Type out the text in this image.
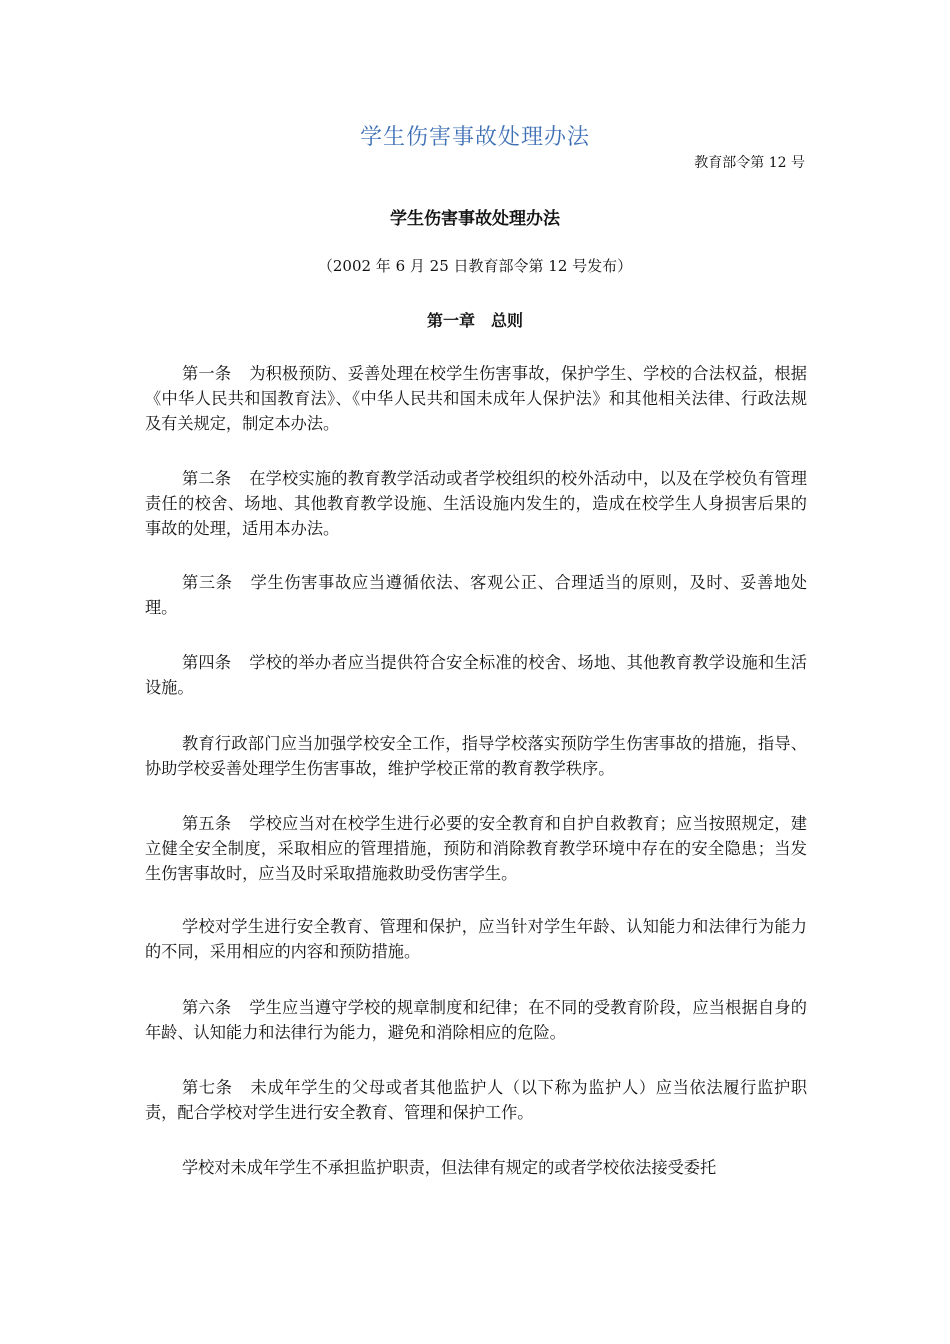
学生伤害事故处理办法
教育部令第 12 号
学生伤害事故处理办法
（2002 年 6 月 25 日教育部令第 12 号发布）
第一章 总则

第一条 为积极预防、妥善处理在校学生伤害事故，保护学生、学校的合法权益，根据《中华人民共和国教育法》、《中华人民共和国未成年人保护法》和其他相关法律、行政法规及有关规定，制定本办法。

第二条 在学校实施的教育教学活动或者学校组织的校外活动中，以及在学校负有管理责任的校舍、场地、其他教育教学设施、生活设施内发生的，造成在校学生人身损害后果的事故的处理，适用本办法。

第三条 学生伤害事故应当遵循依法、客观公正、合理适当的原则，及时、妥善地处理。

第四条 学校的举办者应当提供符合安全标准的校舍、场地、其他教育教学设施和生活设施。

教育行政部门应当加强学校安全工作，指导学校落实预防学生伤害事故的措施，指导、协助学校妥善处理学生伤害事故，维护学校正常的教育教学秩序。

第五条 学校应当对在校学生进行必要的安全教育和自护自救教育；应当按照规定，建立健全安全制度，采取相应的管理措施，预防和消除教育教学环境中存在的安全隐患；当发生伤害事故时，应当及时采取措施救助受伤害学生。

学校对学生进行安全教育、管理和保护，应当针对学生年龄、认知能力和法律行为能力的不同，采用相应的内容和预防措施。

第六条 学生应当遵守学校的规章制度和纪律；在不同的受教育阶段，应当根据自身的年龄、认知能力和法律行为能力，避免和消除相应的危险。

第七条 未成年学生的父母或者其他监护人（以下称为监护人）应当依法履行监护职责，配合学校对学生进行安全教育、管理和保护工作。

学校对未成年学生不承担监护职责，但法律有规定的或者学校依法接受委托
